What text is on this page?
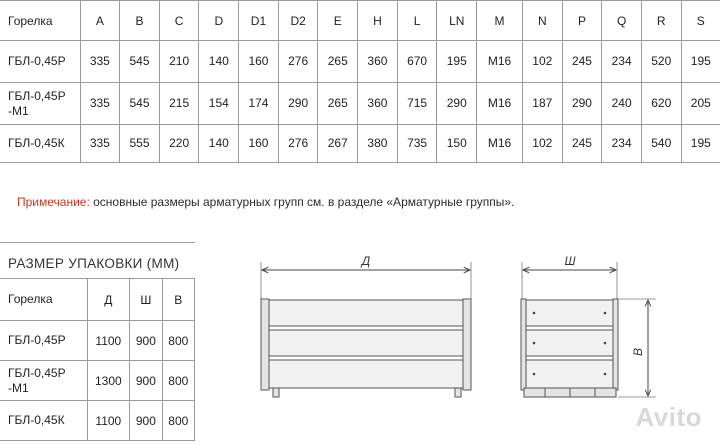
Горелка	A	B	C	D	D1	D2	E	H	L	LN	M	N	P	Q	R	S
ГБЛ-0,45Р	335	545	210	140	160	276	265	360	670	195	М16	102	245	234	520	195
ГБЛ-0,45Р
-М1	335	545	215	154	174	290	265	360	715	290	М16	187	290	240	620	205
ГБЛ-0,45К	335	555	220	140	160	276	267	380	735	150	М16	102	245	234	540	195
Примечание: основные размеры арматурных групп см. в разделе «Арматурные группы».
РАЗМЕР УПАКОВКИ (ММ)
Горелка	Д	Ш	В
ГБЛ-0,45Р	1100	900	800
ГБЛ-0,45Р
-М1	1300	900	800
ГБЛ-0,45К	1100	900	800
Д	Ш
В
Avito
